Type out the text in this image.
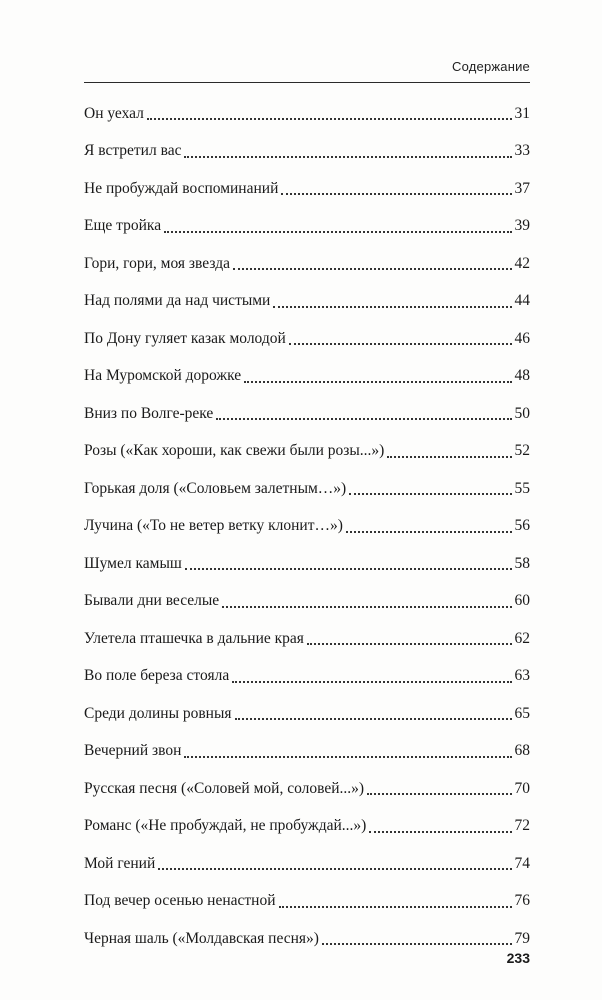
Содержание
Он уехал	31
Я встретил вас	33
Не пробуждай воспоминаний	37
Еще тройка	39
Гори, гори, моя звезда	42
Над полями да над чистыми	44
По Дону гуляет казак молодой	46
На Муромской дорожке	48
Вниз по Волге-реке	50
Розы («Как хороши, как свежи были розы...»)	52
Горькая доля («Соловьем залетным…»)	55
Лучина («То не ветер ветку клонит…»)	56
Шумел камыш	58
Бывали дни веселые	60
Улетела пташечка в дальние края	62
Во поле береза стояла	63
Среди долины ровныя	65
Вечерний звон	68
Русская песня («Соловей мой, соловей...»)	70
Романс («Не пробуждай, не пробуждай...»)	72
Мой гений	74
Под вечер осенью ненастной	76
Черная шаль («Молдавская песня»)	79
233
